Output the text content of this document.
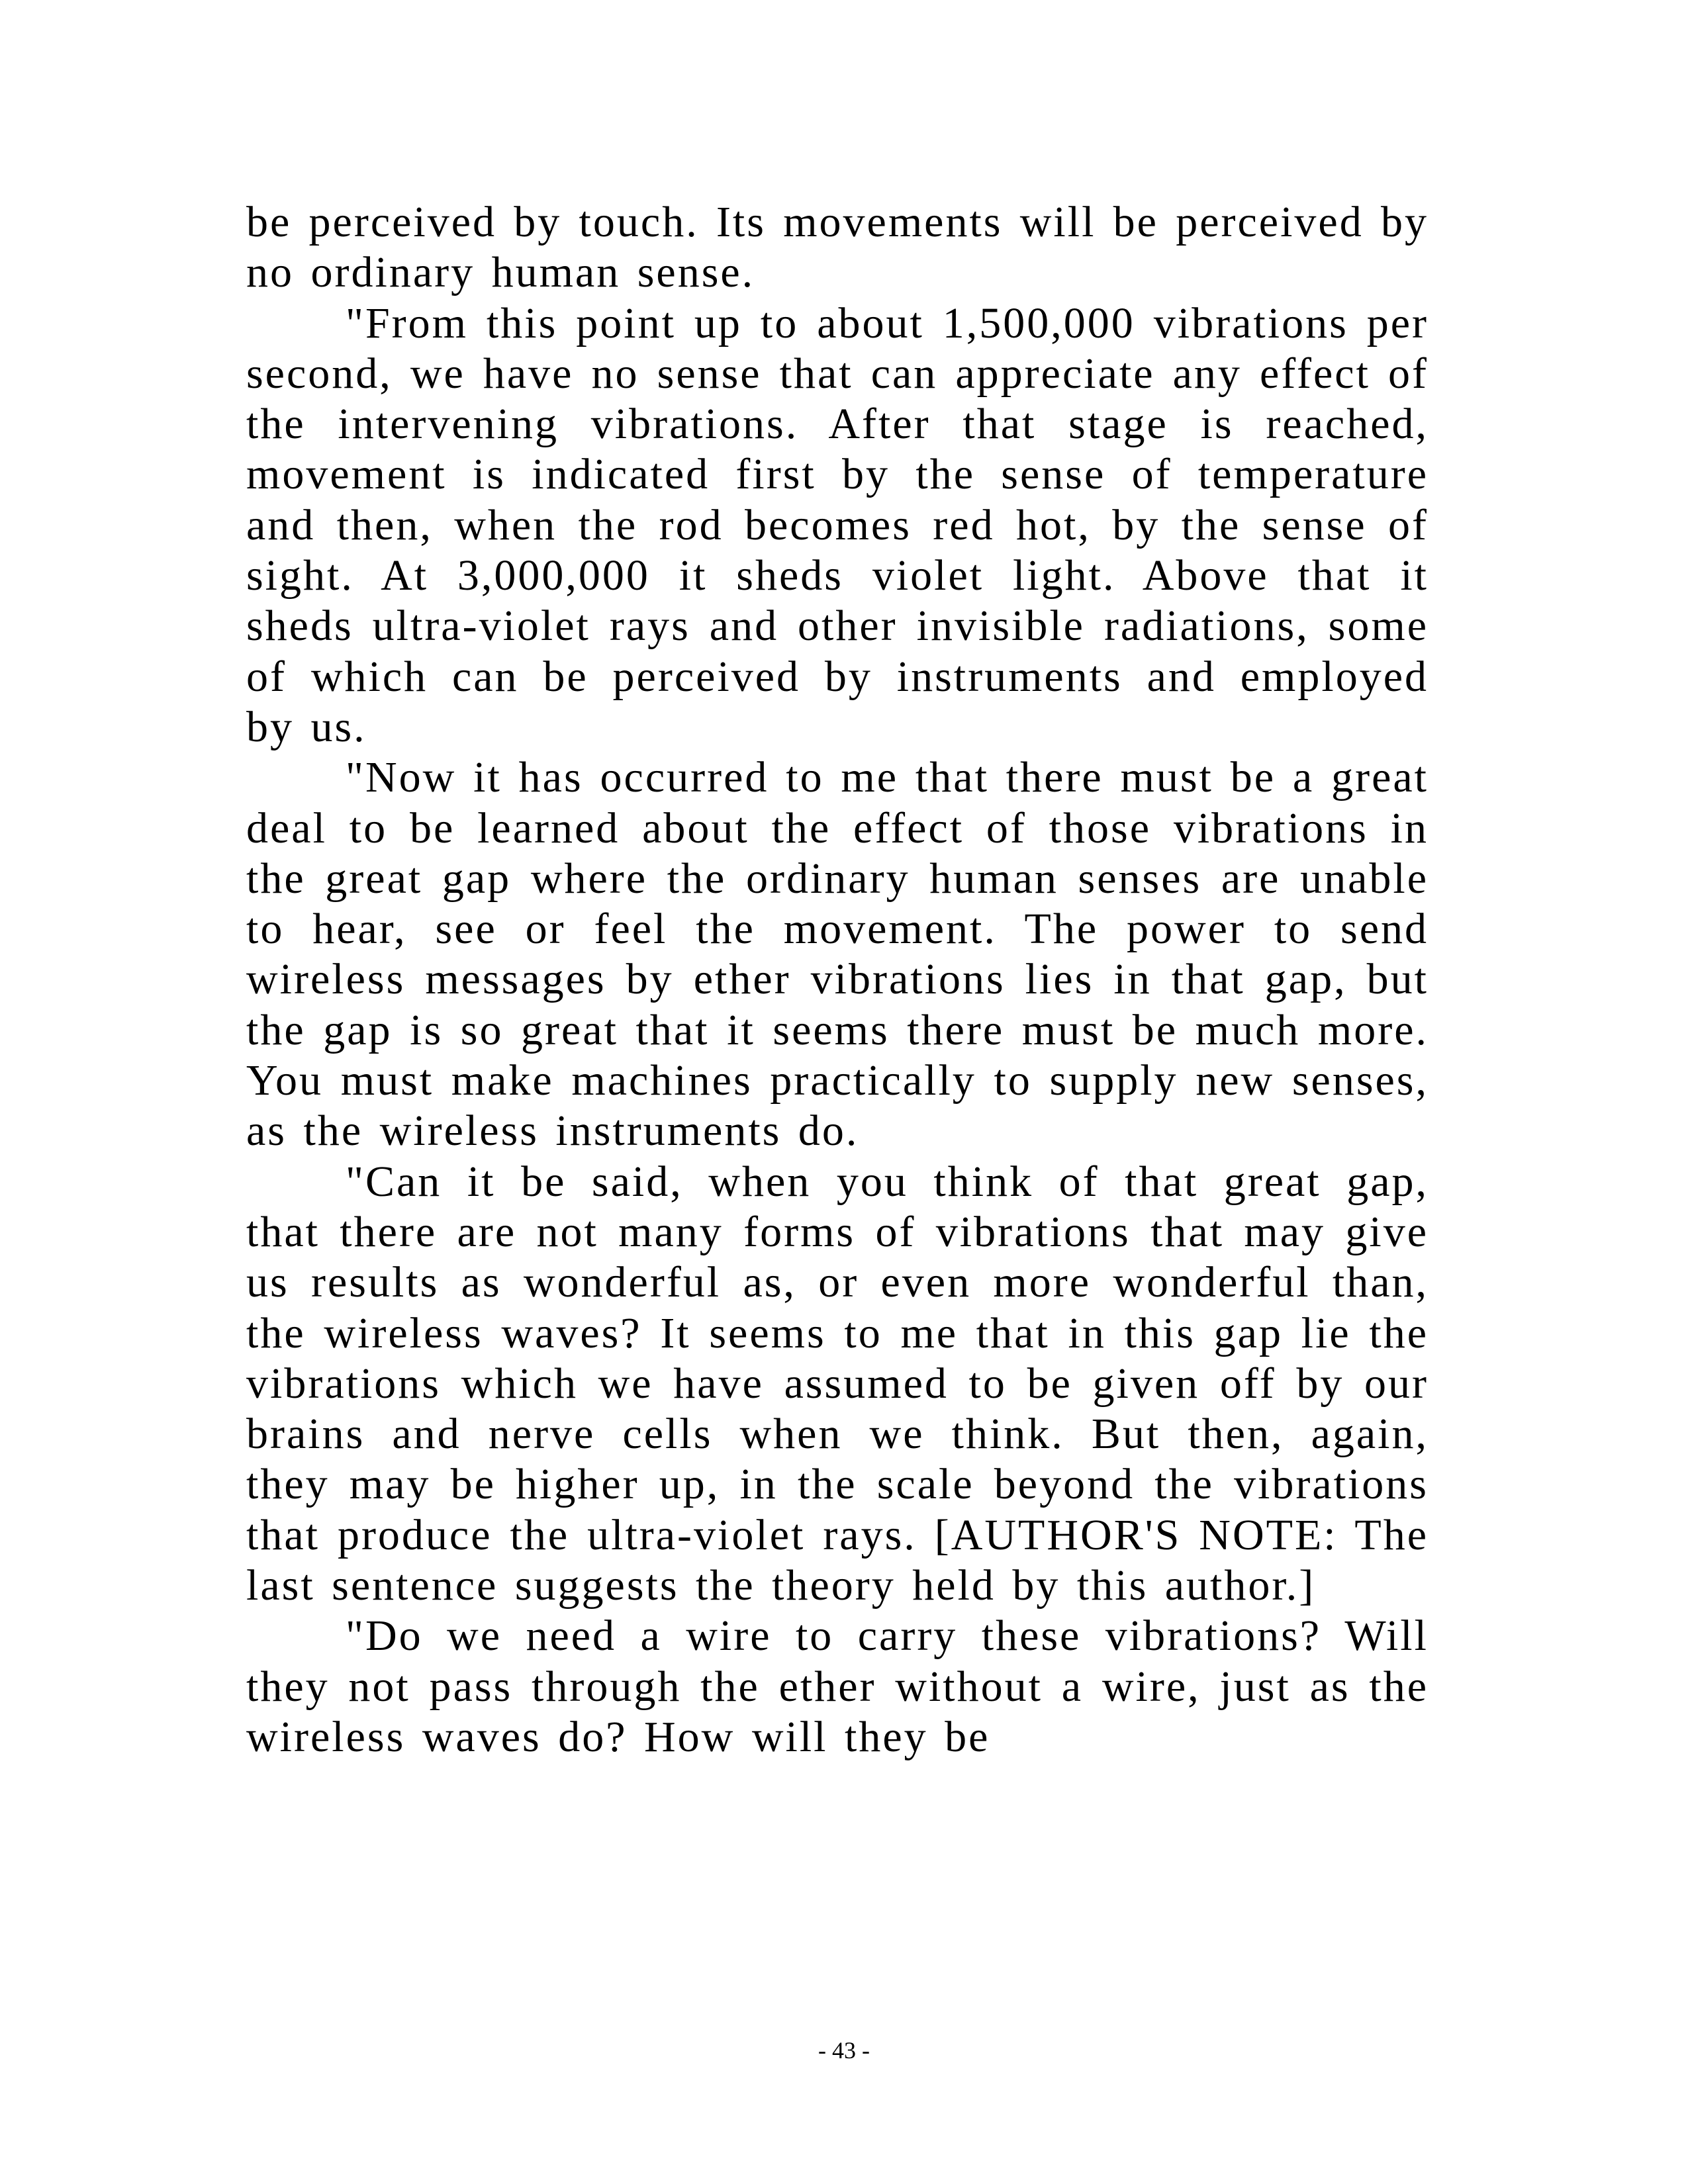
be perceived by touch. Its movements will be perceived by no ordinary human sense.

"From this point up to about 1,500,000 vibrations per second, we have no sense that can appreciate any effect of the intervening vibrations. After that stage is reached, movement is indicated first by the sense of temperature and then, when the rod becomes red hot, by the sense of sight. At 3,000,000 it sheds violet light. Above that it sheds ultra-violet rays and other invisible radiations, some of which can be perceived by instruments and employed by us.

"Now it has occurred to me that there must be a great deal to be learned about the effect of those vibrations in the great gap where the ordinary human senses are unable to hear, see or feel the movement. The power to send wireless messages by ether vibrations lies in that gap, but the gap is so great that it seems there must be much more. You must make machines practically to supply new senses, as the wireless instruments do.

"Can it be said, when you think of that great gap, that there are not many forms of vibrations that may give us results as wonderful as, or even more wonderful than, the wireless waves? It seems to me that in this gap lie the vibrations which we have assumed to be given off by our brains and nerve cells when we think. But then, again, they may be higher up, in the scale beyond the vibrations that produce the ultra-violet rays. [AUTHOR'S NOTE: The last sentence suggests the theory held by this author.]

"Do we need a wire to carry these vibrations? Will they not pass through the ether without a wire, just as the wireless waves do? How will they be

- 43 -
